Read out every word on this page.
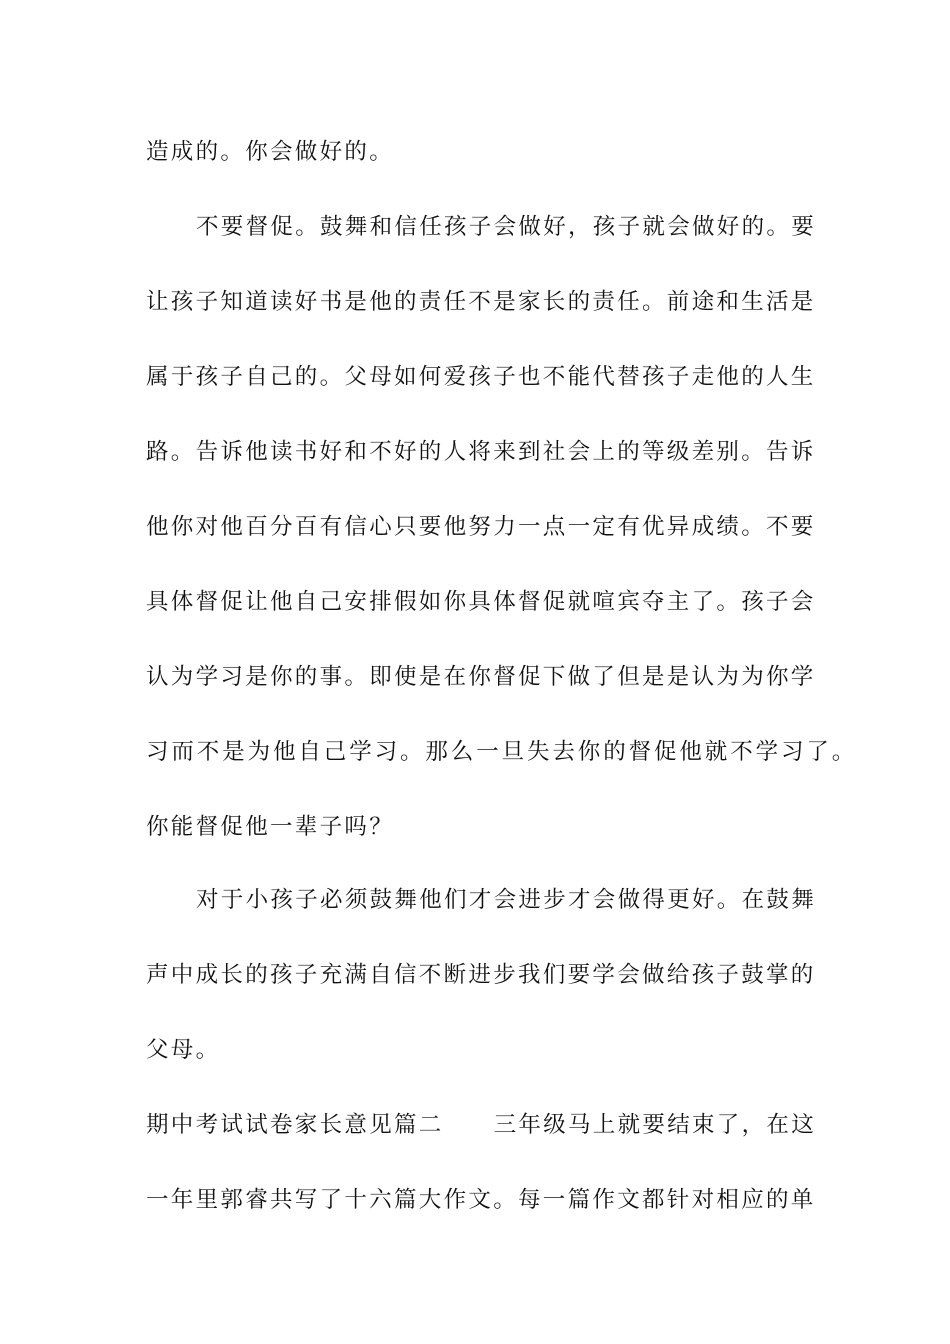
造成的。你会做好的。
不要督促。鼓舞和信任孩子会做好，孩子就会做好的。要
让孩子知道读好书是他的责任不是家长的责任。前途和生活是
属于孩子自己的。父母如何爱孩子也不能代替孩子走他的人生
路。告诉他读书好和不好的人将来到社会上的等级差别。告诉
他你对他百分百有信心只要他努力一点一定有优异成绩。不要
具体督促让他自己安排假如你具体督促就喧宾夺主了。孩子会
认为学习是你的事。即使是在你督促下做了但是是认为为你学
习而不是为他自己学习。那么一旦失去你的督促他就不学习了。
你能督促他一辈子吗？
对于小孩子必须鼓舞他们才会进步才会做得更好。在鼓舞
声中成长的孩子充满自信不断进步我们要学会做给孩子鼓掌的
父母。
期中考试试卷家长意见篇二 三年级马上就要结束了，在这
一年里郭睿共写了十六篇大作文。每一篇作文都针对相应的单
